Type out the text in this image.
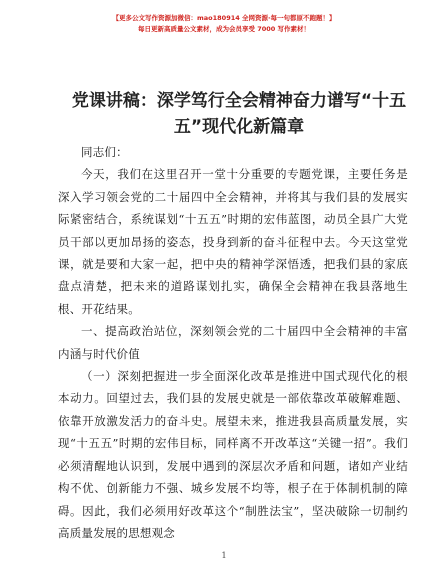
【更多公文写作资源加微信：mao180914 全网资源·每一句都原不跑题！】
每日更新高质量公文素材，成为会员享受 7000 写作素材！
党课讲稿：深学笃行全会精神奋力谱写“十五五”现代化新篇章

同志们：

今天，我们在这里召开一堂十分重要的专题党课，主要任务是深入学习领会党的二十届四中全会精神，并将其与我们县的发展实际紧密结合，系统谋划“十五五”时期的宏伟蓝图，动员全县广大党员干部以更加昂扬的姿态，投身到新的奋斗征程中去。今天这堂党课，就是要和大家一起，把中央的精神学深悟透，把我们县的家底盘点清楚，把未来的道路谋划扎实，确保全会精神在我县落地生根、开花结果。

一、提高政治站位，深刻领会党的二十届四中全会精神的丰富内涵与时代价值

（一）深刻把握进一步全面深化改革是推进中国式现代化的根本动力。回望过去，我们县的发展史就是一部依靠改革破解难题、依靠开放激发活力的奋斗史。展望未来，推进我县高质量发展，实现“十五五”时期的宏伟目标，同样离不开改革这“关键一招”。我们必须清醒地认识到，发展中遇到的深层次矛盾和问题，诸如产业结构不优、创新能力不强、城乡发展不均等，根子在于体制机制的障碍。因此，我们必须用好改革这个“制胜法宝”，坚决破除一切制约高质量发展的思想观念

1
